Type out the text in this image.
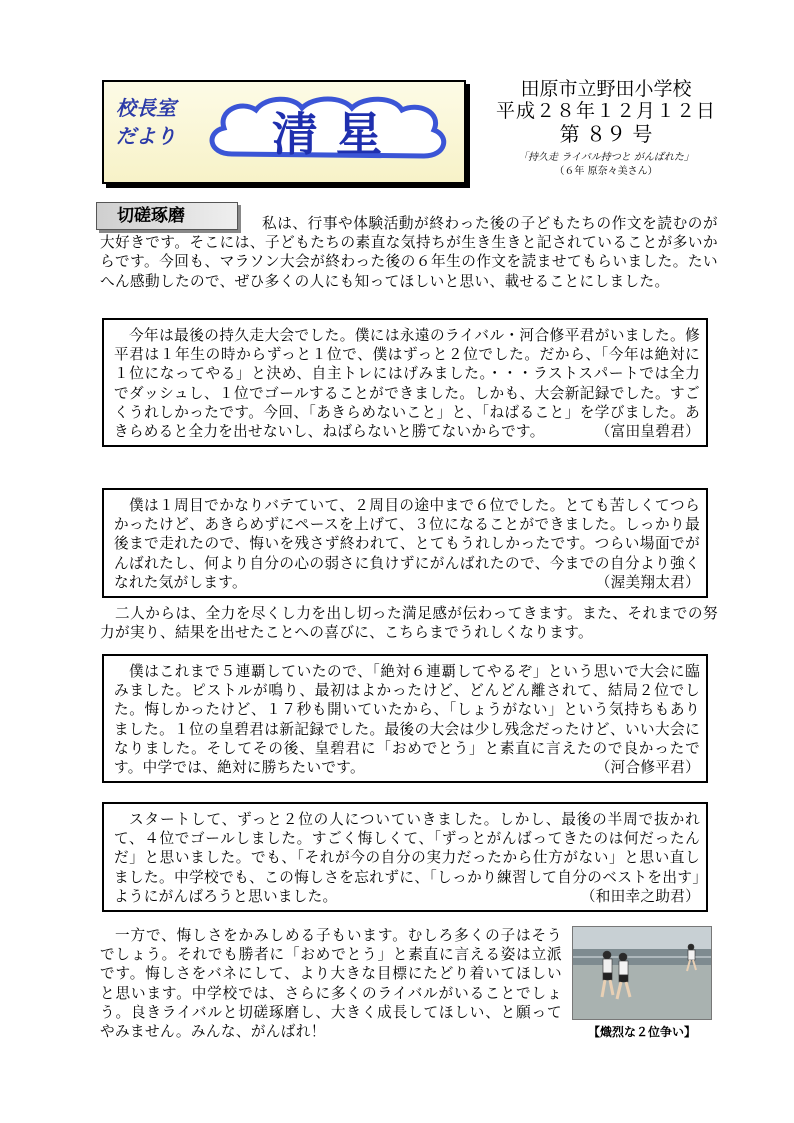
校長室
だより	清星
田原市立野田小学校
平成２８年１２月１２日
第 ８９ 号
「持久走 ライバル持つと がんばれた」
（６年 原奈々美さん）
切磋琢磨	私は、行事や体験活動が終わった後の子どもたちの作文を読むのが大好きです。そこには、子どもたちの素直な気持ちが生き生きと記されていることが多いからです。今回も、マラソン大会が終わった後の６年生の作文を読ませてもらいました。たいへん感動したので、ぜひ多くの人にも知ってほしいと思い、載せることにしました。

今年は最後の持久走大会でした。僕には永遠のライバル・河合修平君がいました。修平君は１年生の時からずっと１位で、僕はずっと２位でした。だから、「今年は絶対に１位になってやる」と決め、自主トレにはげみました。・・・ラストスパートでは全力でダッシュし、１位でゴールすることができました。しかも、大会新記録でした。すごくうれしかったです。今回、「あきらめないこと」と、「ねばること」を学びました。あきらめると全力を出せないし、ねばらないと勝てないからです。	（富田皇碧君）

僕は１周目でかなりバテていて、２周目の途中まで６位でした。とても苦しくてつらかったけど、あきらめずにペースを上げて、３位になることができました。しっかり最後まで走れたので、悔いを残さず終われて、とてもうれしかったです。つらい場面でがんばれたし、何より自分の心の弱さに負けずにがんばれたので、今までの自分より強くなれた気がします。	（渥美翔太君）

二人からは、全力を尽くし力を出し切った満足感が伝わってきます。また、それまでの努力が実り、結果を出せたことへの喜びに、こちらまでうれしくなります。

僕はこれまで５連覇していたので、「絶対６連覇してやるぞ」という思いで大会に臨みました。ピストルが鳴り、最初はよかったけど、どんどん離されて、結局２位でした。悔しかったけど、１７秒も開いていたから、「しょうがない」という気持ちもありました。１位の皇碧君は新記録でした。最後の大会は少し残念だったけど、いい大会になりました。そしてその後、皇碧君に「おめでとう」と素直に言えたので良かったです。中学では、絶対に勝ちたいです。	（河合修平君）

スタートして、ずっと２位の人についていきました。しかし、最後の半周で抜かれて、４位でゴールしました。すごく悔しくて、「ずっとがんばってきたのは何だったんだ」と思いました。でも、「それが今の自分の実力だったから仕方がない」と思い直しました。中学校でも、この悔しさを忘れずに、「しっかり練習して自分のベストを出す」ようにがんばろうと思いました。	（和田幸之助君）

一方で、悔しさをかみしめる子もいます。むしろ多くの子はそうでしょう。それでも勝者に「おめでとう」と素直に言える姿は立派です。悔しさをバネにして、より大きな目標にたどり着いてほしいと思います。中学校では、さらに多くのライバルがいることでしょう。良きライバルと切磋琢磨し、大きく成長してほしい、と願ってやみません。みんな、がんばれ！	【熾烈な２位争い】
